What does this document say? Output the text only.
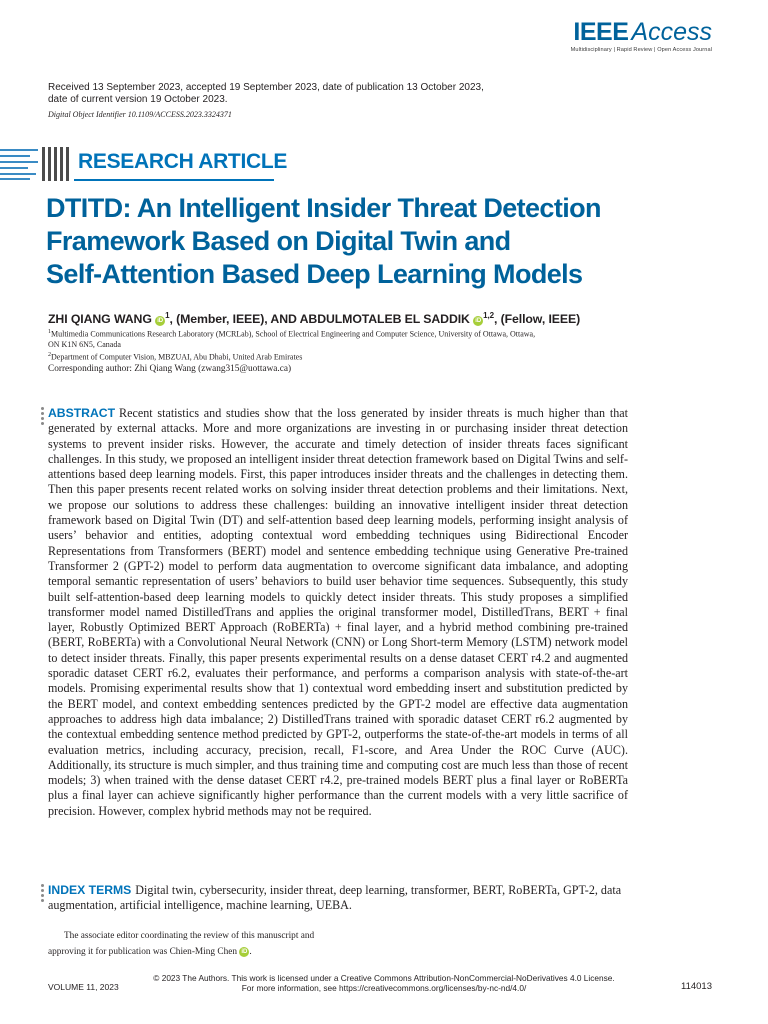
IEEE Access
Multidisciplinary | Rapid Review | Open Access Journal
Received 13 September 2023, accepted 19 September 2023, date of publication 13 October 2023,
date of current version 19 October 2023.
Digital Object Identifier 10.1109/ACCESS.2023.3324371
RESEARCH ARTICLE
DTITD: An Intelligent Insider Threat Detection
Framework Based on Digital Twin and
Self-Attention Based Deep Learning Models
ZHI QIANG WANG $iD^1$, (Member, IEEE), AND ABDULMOTALEB EL SADDIK iD$^{1,2}$, (Fellow, IEEE)
$^1$Multimedia Communications Research Laboratory (MCRLab), School of Electrical Engineering and Computer Science, University of Ottawa, Ottawa,
ON K1N 6N5, Canada
$^2$Department of Computer Vision, MBZUAI, Abu Dhabi, United Arab Emirates
Corresponding author: Zhi Qiang Wang (zwang315@uottawa.ca)
ABSTRACT Recent statistics and studies show that the loss generated by insider threats is much higher than that generated by external attacks. More and more organizations are investing in or purchasing insider threat detection systems to prevent insider risks. However, the accurate and timely detection of insider threats faces significant challenges. In this study, we proposed an intelligent insider threat detection framework based on Digital Twins and self-attentions based deep learning models. First, this paper introduces insider threats and the challenges in detecting them. Then this paper presents recent related works on solving insider threat detection problems and their limitations. Next, we propose our solutions to address these challenges: building an innovative intelligent insider threat detection framework based on Digital Twin (DT) and self-attention based deep learning models, performing insight analysis of users’ behavior and entities, adopting contextual word embedding techniques using Bidirectional Encoder Representations from Transformers (BERT) model and sentence embedding technique using Generative Pre-trained Transformer 2 (GPT-2) model to perform data augmentation to overcome significant data imbalance, and adopting temporal semantic representation of users’ behaviors to build user behavior time sequences. Subsequently, this study built self-attention-based deep learning models to quickly detect insider threats. This study proposes a simplified transformer model named DistilledTrans and applies the original transformer model, DistilledTrans, BERT + final layer, Robustly Optimized BERT Approach (RoBERTa) + final layer, and a hybrid method combining pre-trained (BERT, RoBERTa) with a Convolutional Neural Network (CNN) or Long Short-term Memory (LSTM) network model to detect insider threats. Finally, this paper presents experimental results on a dense dataset CERT r4.2 and augmented sporadic dataset CERT r6.2, evaluates their performance, and performs a comparison analysis with state-of-the-art models. Promising experimental results show that 1) contextual word embedding insert and substitution predicted by the BERT model, and context embedding sentences predicted by the GPT-2 model are effective data augmentation approaches to address high data imbalance; 2) DistilledTrans trained with sporadic dataset CERT r6.2 augmented by the contextual embedding sentence method predicted by GPT-2, outperforms the state-of-the-art models in terms of all evaluation metrics, including accuracy, precision, recall, F1-score, and Area Under the ROC Curve (AUC). Additionally, its structure is much simpler, and thus training time and computing cost are much less than those of recent models; 3) when trained with the dense dataset CERT r4.2, pre-trained models BERT plus a final layer or RoBERTa plus a final layer can achieve significantly higher performance than the current models with a very little sacrifice of precision. However, complex hybrid methods may not be required.
INDEX TERMS Digital twin, cybersecurity, insider threat, deep learning, transformer, BERT, RoBERTa, GPT-2, data augmentation, artificial intelligence, machine learning, UEBA.
The associate editor coordinating the review of this manuscript and
approving it for publication was Chien-Ming Chen iD .
© 2023 The Authors. This work is licensed under a Creative Commons Attribution-NonCommercial-NoDerivatives 4.0 License.
For more information, see https://creativecommons.org/licenses/by-nc-nd/4.0/
VOLUME 11, 2023	114013
